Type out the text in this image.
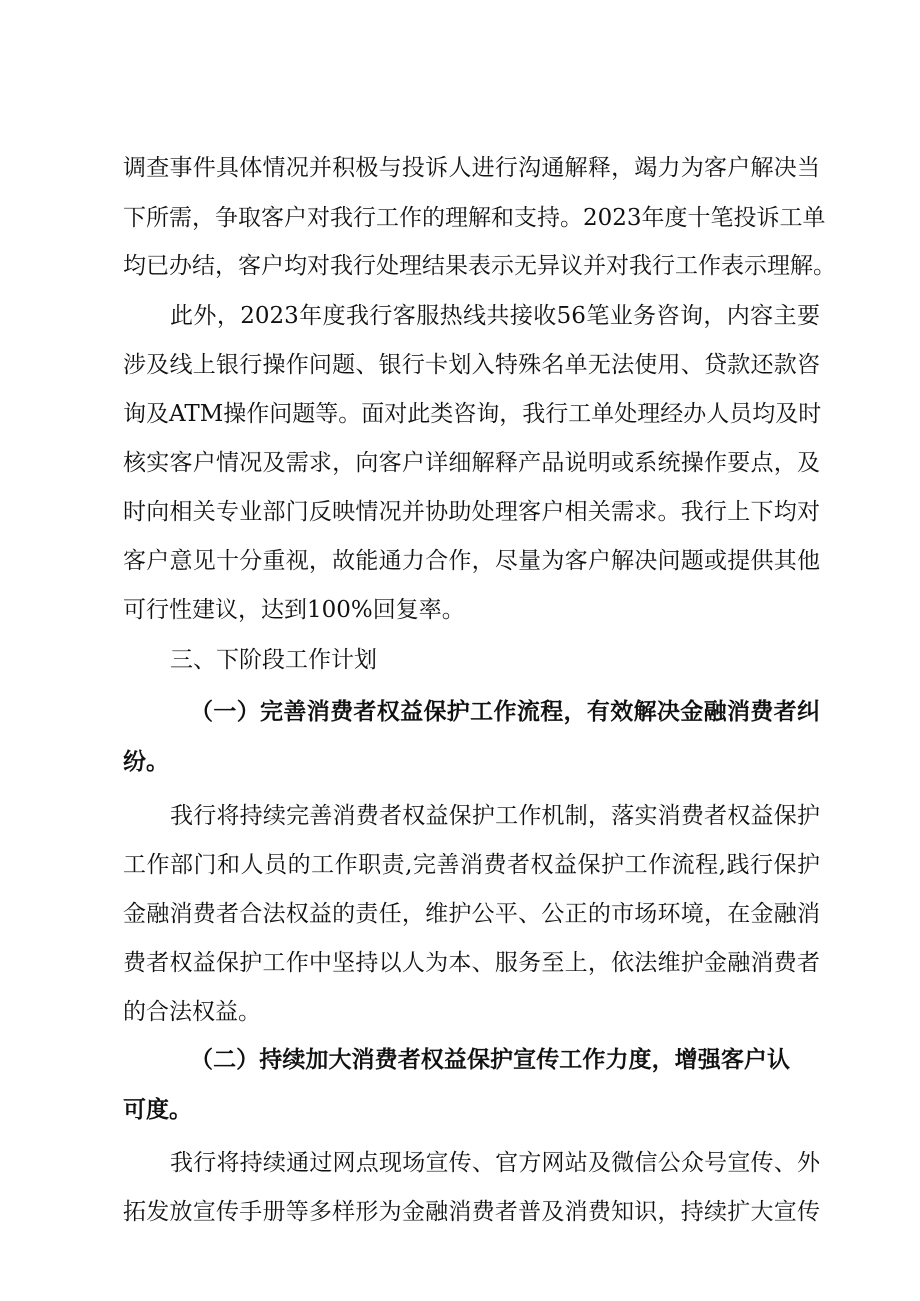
调查事件具体情况并积极与投诉人进行沟通解释，竭力为客户解决当

下所需，争取客户对我行工作的理解和支持。2023年度十笔投诉工单

均已办结，客户均对我行处理结果表示无异议并对我行工作表示理解。

此外，2023年度我行客服热线共接收56笔业务咨询，内容主要

涉及线上银行操作问题、银行卡划入特殊名单无法使用、贷款还款咨

询及ATM操作问题等。面对此类咨询，我行工单处理经办人员均及时

核实客户情况及需求，向客户详细解释产品说明或系统操作要点，及

时向相关专业部门反映情况并协助处理客户相关需求。我行上下均对

客户意见十分重视，故能通力合作，尽量为客户解决问题或提供其他

可行性建议，达到100%回复率。

三、下阶段工作计划

（一）完善消费者权益保护工作流程，有效解决金融消费者纠

纷。

我行将持续完善消费者权益保护工作机制，落实消费者权益保护

工作部门和人员的工作职责,完善消费者权益保护工作流程,践行保护

金融消费者合法权益的责任，维护公平、公正的市场环境，在金融消

费者权益保护工作中坚持以人为本、服务至上，依法维护金融消费者

的合法权益。

（二）持续加大消费者权益保护宣传工作力度，增强客户认

可度。

我行将持续通过网点现场宣传、官方网站及微信公众号宣传、外

拓发放宣传手册等多样形为金融消费者普及消费知识，持续扩大宣传
